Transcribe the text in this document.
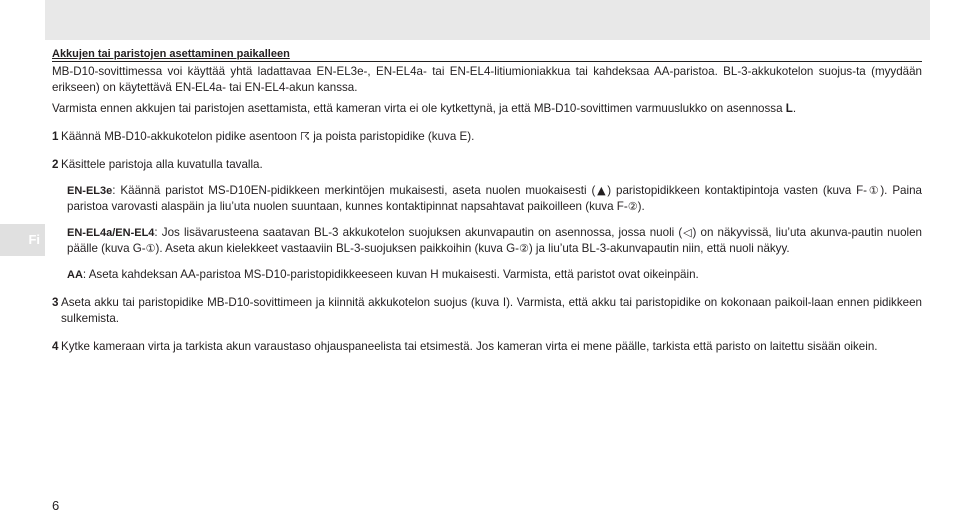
Fi
Akkujen tai paristojen asettaminen paikalleen

MB-D10-sovittimessa voi käyttää yhtä ladattavaa EN-EL3e-, EN-EL4a- tai EN-EL4-litiumioniakkua tai kahdeksaa AA-paristoa. BL-3-akkukotelon suojus-ta (myydään erikseen) on käytettävä EN-EL4a- tai EN-EL4-akun kanssa.

Varmista ennen akkujen tai paristojen asettamista, että kameran virta ei ole kytkettynä, ja että MB-D10-sovittimen varmuuslukko on asennossa L.

1 Käännä MB-D10-akkukotelon pidike asentoon ☈ ja poista paristopidike (kuva E).
2 Käsittele paristoja alla kuvatulla tavalla.

EN-EL3e: Käännä paristot MS-D10EN-pidikkeen merkintöjen mukaisesti, aseta nuolen muokaisesti (▲) paristopidikkeen kontaktipintoja vasten (kuva F-①). Paina paristoa varovasti alaspäin ja liu’uta nuolen suuntaan, kunnes kontaktipinnat napsahtavat paikoilleen (kuva F-②).

EN-EL4a/EN-EL4: Jos lisävarusteena saatavan BL-3 akkukotelon suojuksen akunvapautin on asennossa, jossa nuoli (◁) on näkyvissä, liu’uta akunva-pautin nuolen päälle (kuva G-①). Aseta akun kielekkeet vastaaviin BL-3-suojuksen paikkoihin (kuva G-②) ja liu’uta BL-3-akunvapautin niin, että nuoli näkyy.

AA: Aseta kahdeksan AA-paristoa MS-D10-paristopidikkeeseen kuvan H mukaisesti. Varmista, että paristot ovat oikeinpäin.

3 Aseta akku tai paristopidike MB-D10-sovittimeen ja kiinnitä akkukotelon suojus (kuva I). Varmista, että akku tai paristopidike on kokonaan paikoil-laan ennen pidikkeen sulkemista.
4 Kytke kameraan virta ja tarkista akun varaustaso ohjauspaneelista tai etsimestä. Jos kameran virta ei mene päälle, tarkista että paristo on laitettu sisään oikein.
6
